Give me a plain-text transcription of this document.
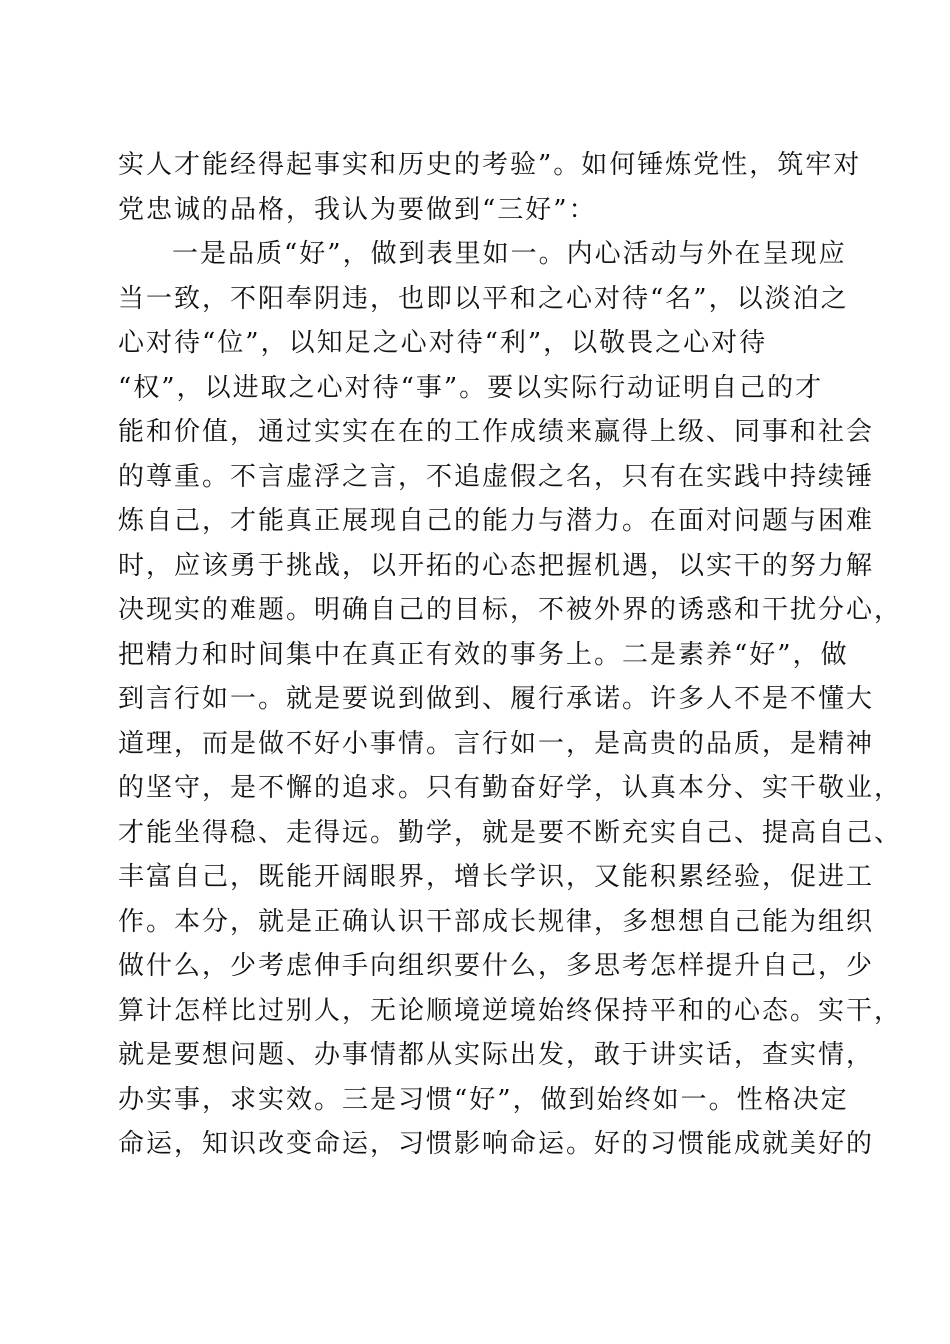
实人才能经得起事实和历史的考验”。如何锤炼党性，筑牢对
党忠诚的品格，我认为要做到“三好”：
一是品质“好”，做到表里如一。内心活动与外在呈现应
当一致，不阳奉阴违，也即以平和之心对待“名”，以淡泊之
心对待“位”，以知足之心对待“利”，以敬畏之心对待
“权”，以进取之心对待“事”。要以实际行动证明自己的才
能和价值，通过实实在在的工作成绩来赢得上级、同事和社会
的尊重。不言虚浮之言，不追虚假之名，只有在实践中持续锤
炼自己，才能真正展现自己的能力与潜力。在面对问题与困难
时，应该勇于挑战，以开拓的心态把握机遇，以实干的努力解
决现实的难题。明确自己的目标，不被外界的诱惑和干扰分心，
把精力和时间集中在真正有效的事务上。二是素养“好”，做
到言行如一。就是要说到做到、履行承诺。许多人不是不懂大
道理，而是做不好小事情。言行如一，是高贵的品质，是精神
的坚守，是不懈的追求。只有勤奋好学，认真本分、实干敬业，
才能坐得稳、走得远。勤学，就是要不断充实自己、提高自己、
丰富自己，既能开阔眼界，增长学识，又能积累经验，促进工
作。本分，就是正确认识干部成长规律，多想想自己能为组织
做什么，少考虑伸手向组织要什么，多思考怎样提升自己，少
算计怎样比过别人，无论顺境逆境始终保持平和的心态。实干，
就是要想问题、办事情都从实际出发，敢于讲实话，查实情，
办实事，求实效。三是习惯“好”，做到始终如一。性格决定
命运，知识改变命运，习惯影响命运。好的习惯能成就美好的
